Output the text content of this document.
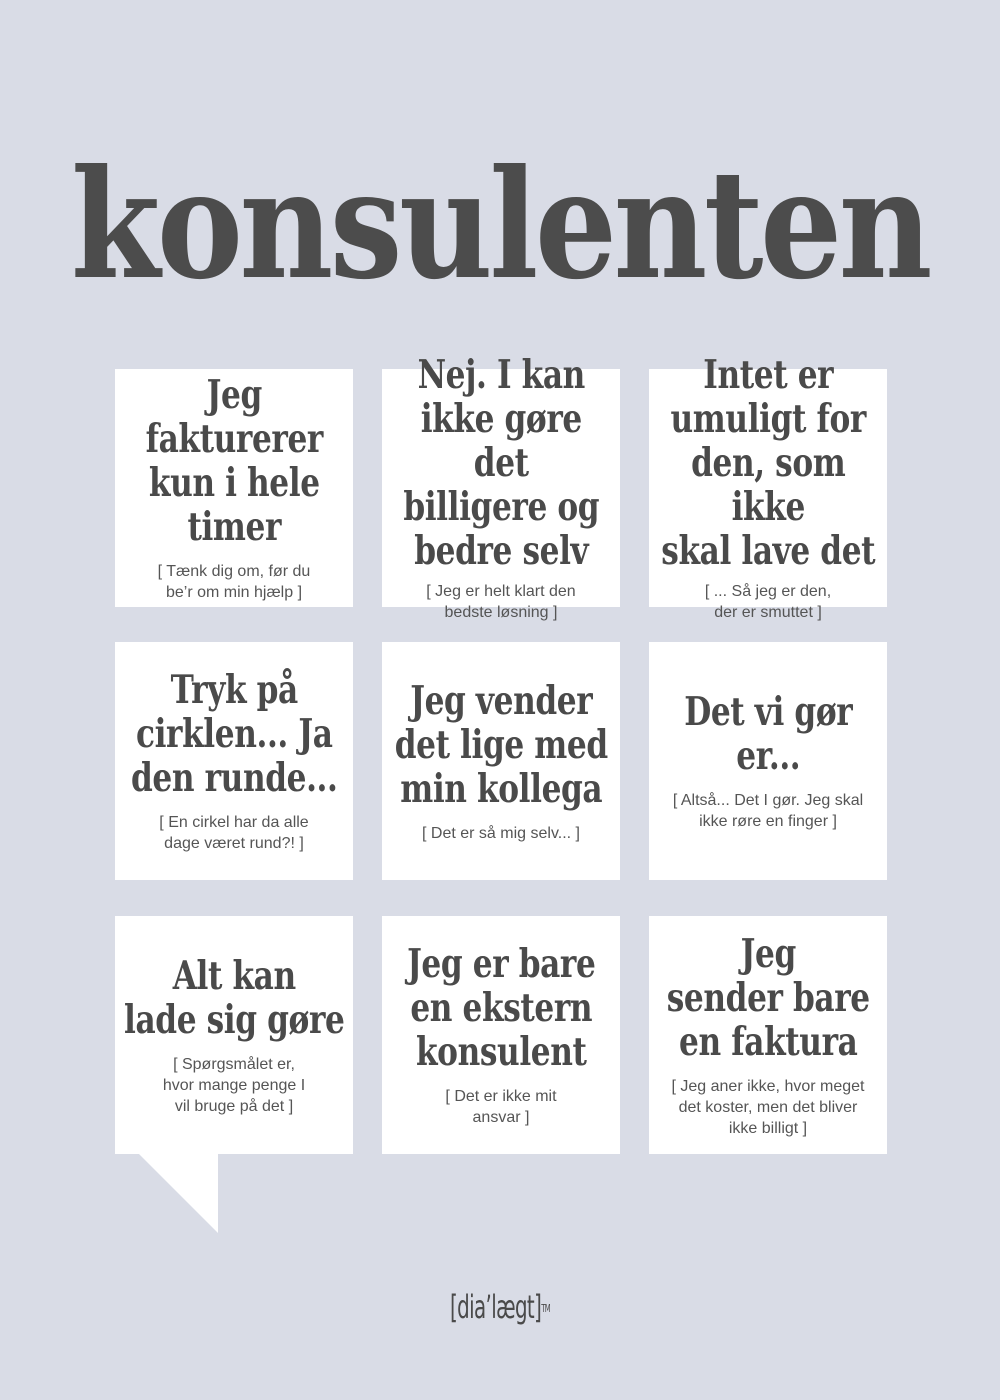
konsulenten
Jeg fakturerer
kun i hele
timer
[ Tænk dig om, før du
be’r om min hjælp ]
Nej. I kan
ikke gøre det
billigere og
bedre selv
[ Jeg er helt klart den
bedste løsning ]
Intet er
umuligt for
den, som ikke
skal lave det
[ ... Så jeg er den,
der er smuttet ]
Tryk på
cirklen... Ja
den runde...
[ En cirkel har da alle
dage været rund?! ]
Jeg vender
det lige med
min kollega
[ Det er så mig selv... ]
Det vi gør
er...
[ Altså... Det I gør. Jeg skal
ikke røre en finger ]
Alt kan
lade sig gøre
[ Spørgsmålet er,
hvor mange penge I
vil bruge på det ]
Jeg er bare
en ekstern
konsulent
[ Det er ikke mit
ansvar ]
Jeg
sender bare
en faktura
[ Jeg aner ikke, hvor meget
det koster, men det bliver
ikke billigt ]
[dia’lægt]™
